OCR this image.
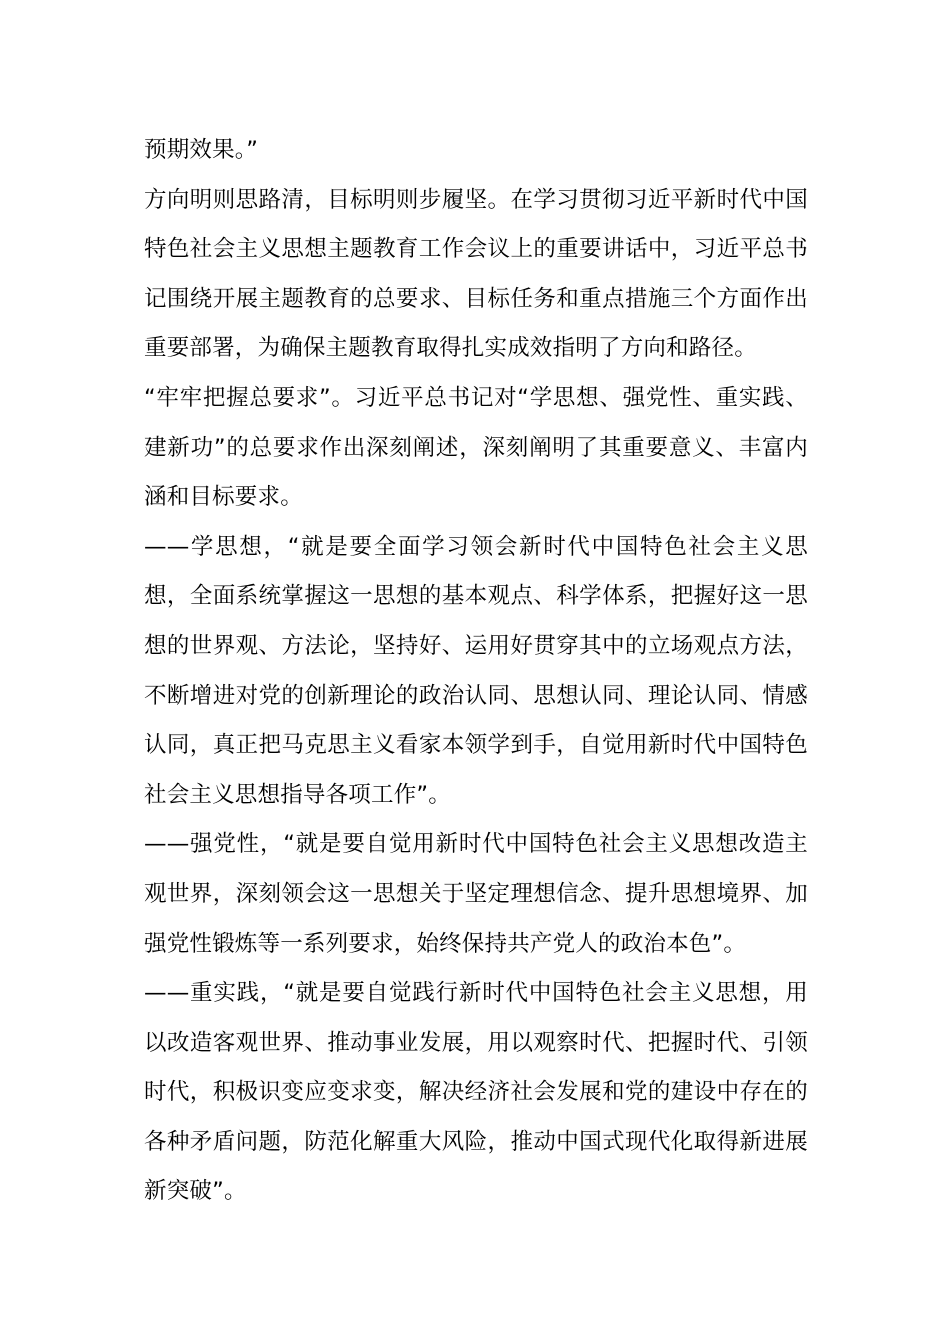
预期效果。”

方向明则思路清，目标明则步履坚。在学习贯彻习近平新时代中国特色社会主义思想主题教育工作会议上的重要讲话中，习近平总书记围绕开展主题教育的总要求、目标任务和重点措施三个方面作出重要部署，为确保主题教育取得扎实成效指明了方向和路径。

“牢牢把握总要求”。习近平总书记对“学思想、强党性、重实践、建新功”的总要求作出深刻阐述，深刻阐明了其重要意义、丰富内涵和目标要求。

——学思想，“就是要全面学习领会新时代中国特色社会主义思想，全面系统掌握这一思想的基本观点、科学体系，把握好这一思想的世界观、方法论，坚持好、运用好贯穿其中的立场观点方法，不断增进对党的创新理论的政治认同、思想认同、理论认同、情感认同，真正把马克思主义看家本领学到手，自觉用新时代中国特色社会主义思想指导各项工作”。

——强党性，“就是要自觉用新时代中国特色社会主义思想改造主观世界，深刻领会这一思想关于坚定理想信念、提升思想境界、加强党性锻炼等一系列要求，始终保持共产党人的政治本色”。

——重实践，“就是要自觉践行新时代中国特色社会主义思想，用以改造客观世界、推动事业发展，用以观察时代、把握时代、引领时代，积极识变应变求变，解决经济社会发展和党的建设中存在的各种矛盾问题，防范化解重大风险，推动中国式现代化取得新进展新突破”。
